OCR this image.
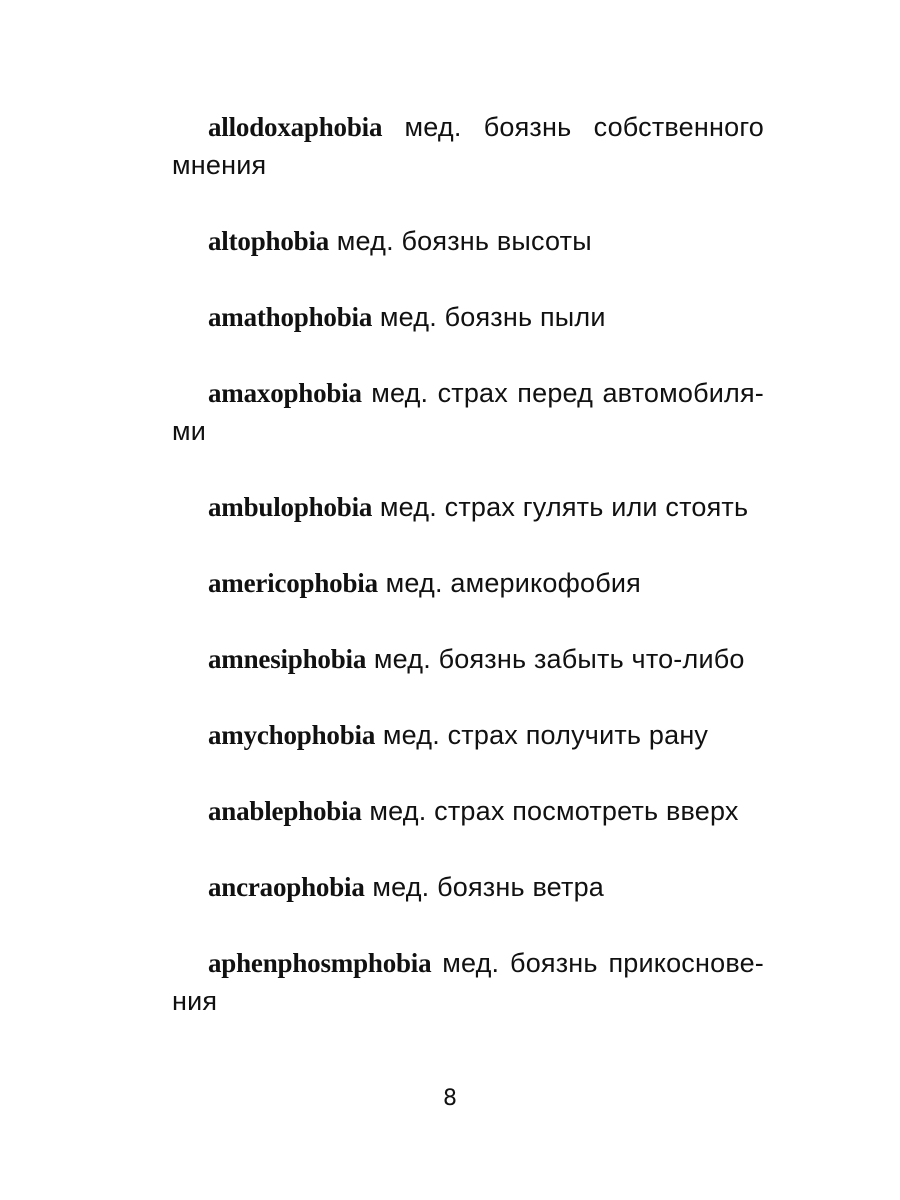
allodoxaphobia мед. боязнь собственного мнения

altophobia мед. боязнь высоты

amathophobia мед. боязнь пыли

amaxophobia мед. страх перед автомобиля-ми

ambulophobia мед. страх гулять или стоять

americophobia мед. америкофобия

amnesiphobia мед. боязнь забыть что-либо

amychophobia мед. страх получить рану

anablephobia мед. страх посмотреть вверх

ancraophobia мед. боязнь ветра

aphenphosmphobia мед. боязнь прикоснове-ния

8
